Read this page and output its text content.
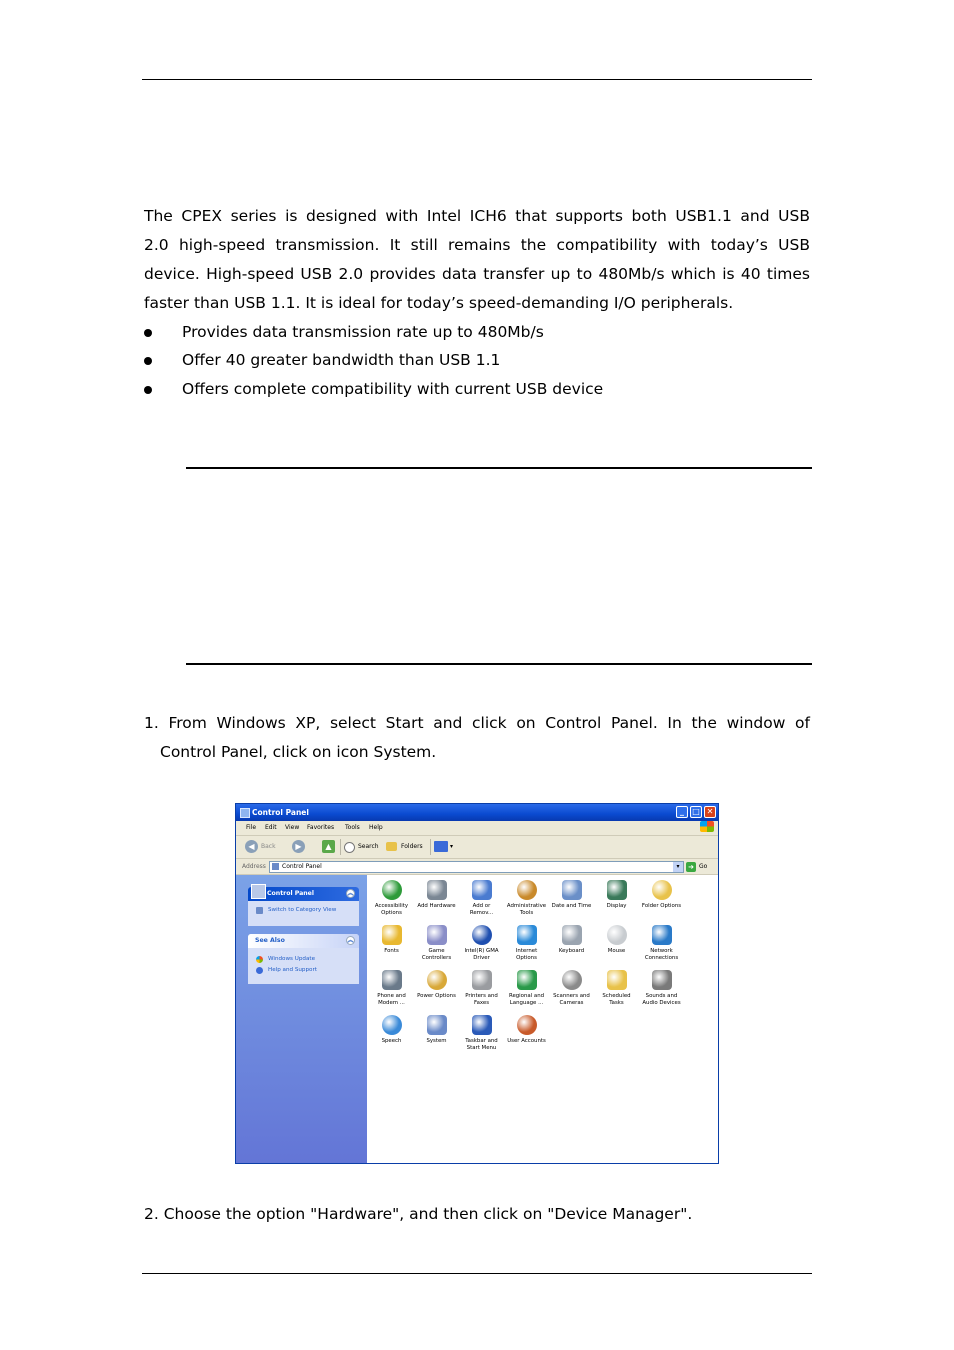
The CPEX series is designed with Intel ICH6 that supports both USB1.1 and USB
2.0 high-speed transmission. It still remains the compatibility with today’s USB
device. High-speed USB 2.0 provides data transfer up to 480Mb/s which is 40 times
faster than USB 1.1. It is ideal for today’s speed-demanding I/O peripherals.
Provides data transmission rate up to 480Mb/s
Offer 40 greater bandwidth than USB 1.1
Offers complete compatibility with current USB device
1. From Windows XP, select Start and click on Control Panel. In the window of
Control Panel, click on icon System.
Control Panel	_	□ ✕
File Edit View Favorites Tools Help
◀	Back	▶	▲	Search	Folders	▾
Address	Control Panel	▾	➜ Go
Control Panel	︽
Switch to Category View
See Also	︽
Windows Update
Help and Support
Accessibility
Options
Add Hardware	Add or
Remov...
Administrative
Tools
Date and Time	Display	Folder Options
Fonts	Game
Controllers
Intel(R) GMA
Driver
Internet
Options
Keyboard	Mouse	Network
Connections
Phone and
Modem ...
Power Options	Printers and
Faxes
Regional and
Language ...
Scanners and
Cameras
Scheduled
Tasks
Sounds and
Audio Devices
Speech	System	Taskbar and
Start Menu
User Accounts
2. Choose the option "Hardware", and then click on "Device Manager".
